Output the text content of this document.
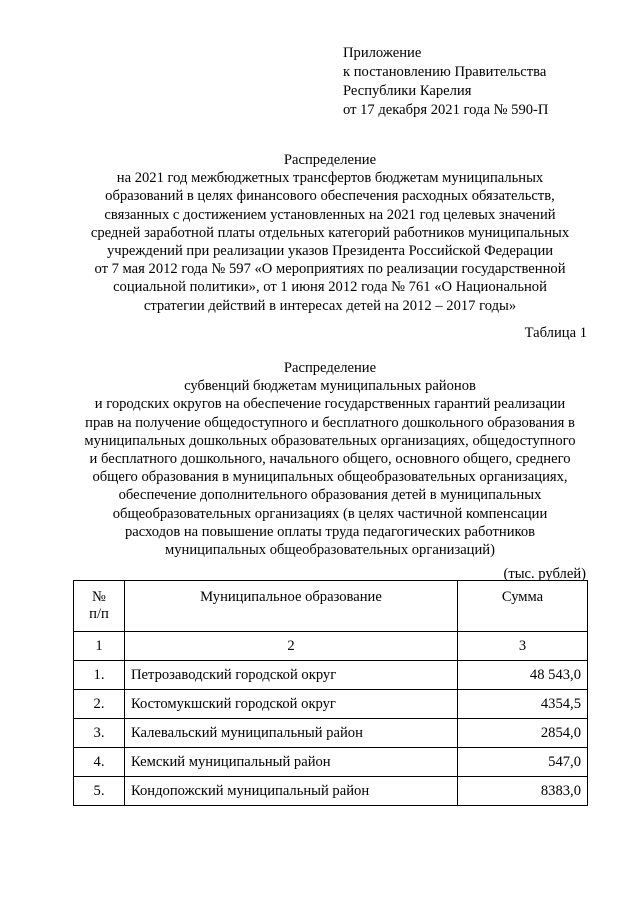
Приложение
к постановлению Правительства
Республики Карелия
от 17 декабря 2021 года № 590-П
Распределение
на 2021 год межбюджетных трансфертов бюджетам муниципальных
образований в целях финансового обеспечения расходных обязательств,
связанных с достижением установленных на 2021 год целевых значений
средней заработной платы отдельных категорий работников муниципальных
учреждений при реализации указов Президента Российской Федерации
от 7 мая 2012 года № 597 «О мероприятиях по реализации государственной
социальной политики», от 1 июня 2012 года № 761 «О Национальной
стратегии действий в интересах детей на 2012 – 2017 годы»
Таблица 1
Распределение
субвенций бюджетам муниципальных районов
и городских округов на обеспечение государственных гарантий реализации
прав на получение общедоступного и бесплатного дошкольного образования в
муниципальных дошкольных образовательных организациях, общедоступного
и бесплатного дошкольного, начального общего, основного общего, среднего
общего образования в муниципальных общеобразовательных организациях,
обеспечение дополнительного образования детей в муниципальных
общеобразовательных организациях (в целях частичной компенсации
расходов на повышение оплаты труда педагогических работников
муниципальных общеобразовательных организаций)
(тыс. рублей)
№
п/п	Муниципальное образование	Сумма
1	2	3
1.	Петрозаводский городской округ	48 543,0
2.	Костомукшский городской округ	4354,5
3.	Калевальский муниципальный район	2854,0
4.	Кемский муниципальный район	547,0
5.	Кондопожский муниципальный район	8383,0
